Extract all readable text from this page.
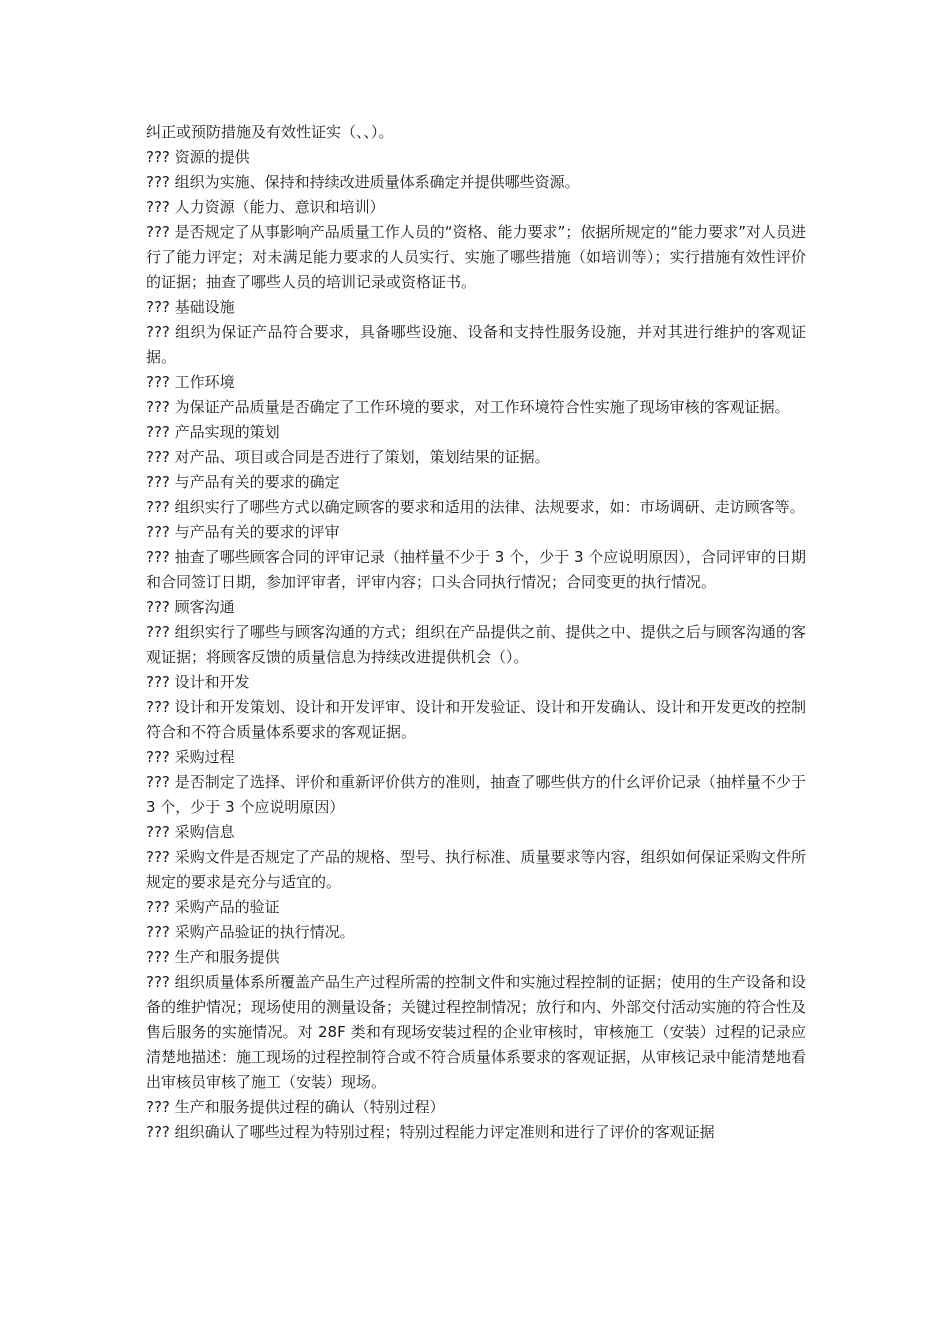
纠正或预防措施及有效性证实（、、）。

??? 资源的提供

??? 组织为实施、保持和持续改进质量体系确定并提供哪些资源。

??? 人力资源（能力、意识和培训）

??? 是否规定了从事影响产品质量工作人员的“资格、能力要求”；依据所规定的“能力要求”对人员进行了能力评定；对未满足能力要求的人员实行、实施了哪些措施（如培训等）；实行措施有效性评价的证据；抽查了哪些人员的培训记录或资格证书。

??? 基础设施

??? 组织为保证产品符合要求，具备哪些设施、设备和支持性服务设施，并对其进行维护的客观证据。

??? 工作环境

??? 为保证产品质量是否确定了工作环境的要求，对工作环境符合性实施了现场审核的客观证据。

??? 产品实现的策划

??? 对产品、项目或合同是否进行了策划，策划结果的证据。

??? 与产品有关的要求的确定

??? 组织实行了哪些方式以确定顾客的要求和适用的法律、法规要求，如：市场调研、走访顾客等。

??? 与产品有关的要求的评审

??? 抽查了哪些顾客合同的评审记录（抽样量不少于 3 个，少于 3 个应说明原因），合同评审的日期和合同签订日期，参加评审者，评审内容；口头合同执行情况；合同变更的执行情况。

??? 顾客沟通

??? 组织实行了哪些与顾客沟通的方式；组织在产品提供之前、提供之中、提供之后与顾客沟通的客观证据；将顾客反馈的质量信息为持续改进提供机会（）。

??? 设计和开发

??? 设计和开发策划、设计和开发评审、设计和开发验证、设计和开发确认、设计和开发更改的控制符合和不符合质量体系要求的客观证据。

??? 采购过程

??? 是否制定了选择、评价和重新评价供方的准则，抽查了哪些供方的什幺评价记录（抽样量不少于 3 个，少于 3 个应说明原因）

??? 采购信息

??? 采购文件是否规定了产品的规格、型号、执行标准、质量要求等内容，组织如何保证采购文件所规定的要求是充分与适宜的。

??? 采购产品的验证

??? 采购产品验证的执行情况。

??? 生产和服务提供

??? 组织质量体系所覆盖产品生产过程所需的控制文件和实施过程控制的证据；使用的生产设备和设备的维护情况；现场使用的测量设备；关键过程控制情况；放行和内、外部交付活动实施的符合性及售后服务的实施情况。对 28F 类和有现场安装过程的企业审核时，审核施工（安装）过程的记录应清楚地描述：施工现场的过程控制符合或不符合质量体系要求的客观证据，从审核记录中能清楚地看出审核员审核了施工（安装）现场。

??? 生产和服务提供过程的确认（特别过程）

??? 组织确认了哪些过程为特别过程；特别过程能力评定准则和进行了评价的客观证据
